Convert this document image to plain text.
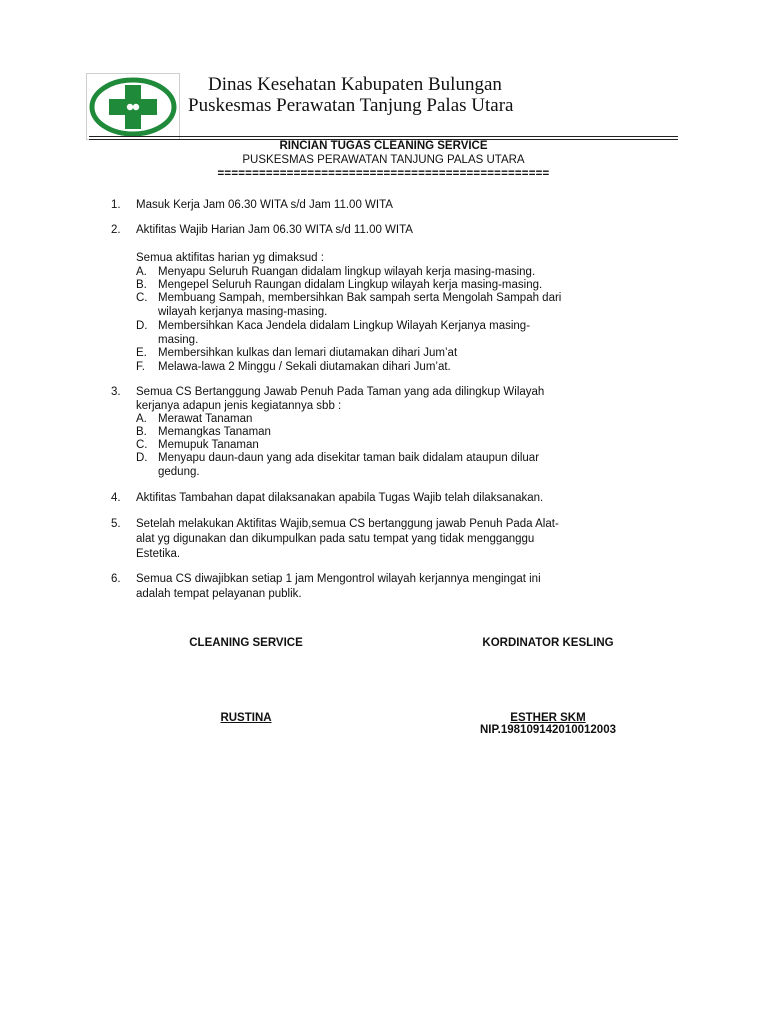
Dinas Kesehatan Kabupaten Bulungan
Puskesmas Perawatan Tanjung Palas Utara
RINCIAN TUGAS CLEANING SERVICE
PUSKESMAS PERAWATAN TANJUNG PALAS UTARA
================================================
1. Masuk Kerja Jam 06.30 WITA s/d Jam 11.00 WITA
2. Aktifitas Wajib Harian Jam 06.30 WITA s/d 11.00 WITA
Semua aktifitas harian yg dimaksud :
A. Menyapu Seluruh Ruangan didalam lingkup wilayah kerja masing-masing.
B. Mengepel Seluruh Raungan didalam Lingkup wilayah kerja masing-masing.
C. Membuang Sampah, membersihkan Bak sampah serta Mengolah Sampah dari
wilayah kerjanya masing-masing.
D. Membersihkan Kaca Jendela didalam Lingkup Wilayah Kerjanya masing-
masing.
E. Membersihkan kulkas dan lemari diutamakan dihari Jum’at
F. Melawa-lawa 2 Minggu / Sekali diutamakan dihari Jum’at.
3. Semua CS Bertanggung Jawab Penuh Pada Taman yang ada dilingkup Wilayah
kerjanya adapun jenis kegiatannya sbb :
A. Merawat Tanaman
B. Memangkas Tanaman
C. Memupuk Tanaman
D. Menyapu daun-daun yang ada disekitar taman baik didalam ataupun diluar
gedung.
4. Aktifitas Tambahan dapat dilaksanakan apabila Tugas Wajib telah dilaksanakan.
5. Setelah melakukan Aktifitas Wajib,semua CS bertanggung jawab Penuh Pada Alat-
alat yg digunakan dan dikumpulkan pada satu tempat yang tidak mengganggu
Estetika.
6. Semua CS diwajibkan setiap 1 jam Mengontrol wilayah kerjannya mengingat ini
adalah tempat pelayanan publik.
CLEANING SERVICE	KORDINATOR KESLING
RUSTINA	ESTHER SKM
NIP.198109142010012003
